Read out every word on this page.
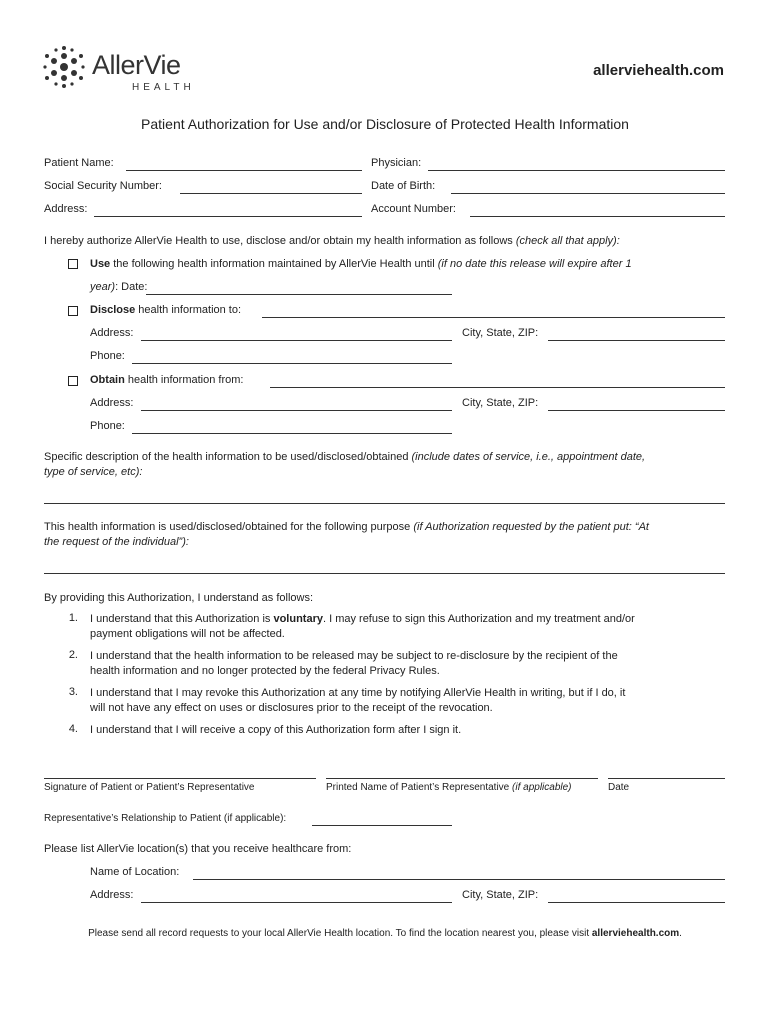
AllerVie
HEALTH
allerviehealth.com
Patient Authorization for Use and/or Disclosure of Protected Health Information
Patient Name:	Physician:
Social Security Number:	Date of Birth:
Address:	Account Number:
I hereby authorize AllerVie Health to use, disclose and/or obtain my health information as follows (check all that apply):
Use the following health information maintained by AllerVie Health until (if no date this release will expire after 1
year): Date:
Disclose health information to:
Address:	City, State, ZIP:
Phone:
Obtain health information from:
Address:	City, State, ZIP:
Phone:
Specific description of the health information to be used/disclosed/obtained (include dates of service, i.e., appointment date,
type of service, etc):
This health information is used/disclosed/obtained for the following purpose (if Authorization requested by the patient put: “At
the request of the individual”):
By providing this Authorization, I understand as follows:
1. I understand that this Authorization is voluntary. I may refuse to sign this Authorization and my treatment and/or
payment obligations will not be affected.
2. I understand that the health information to be released may be subject to re-disclosure by the recipient of the
health information and no longer protected by the federal Privacy Rules.
3. I understand that I may revoke this Authorization at any time by notifying AllerVie Health in writing, but if I do, it
will not have any effect on uses or disclosures prior to the receipt of the revocation.
4. I understand that I will receive a copy of this Authorization form after I sign it.
Signature of Patient or Patient’s Representative	Printed Name of Patient’s Representative (if applicable)	Date
Representative’s Relationship to Patient (if applicable):
Please list AllerVie location(s) that you receive healthcare from:
Name of Location:
Address:	City, State, ZIP:
Please send all record requests to your local AllerVie Health location. To find the location nearest you, please visit allerviehealth.com.
